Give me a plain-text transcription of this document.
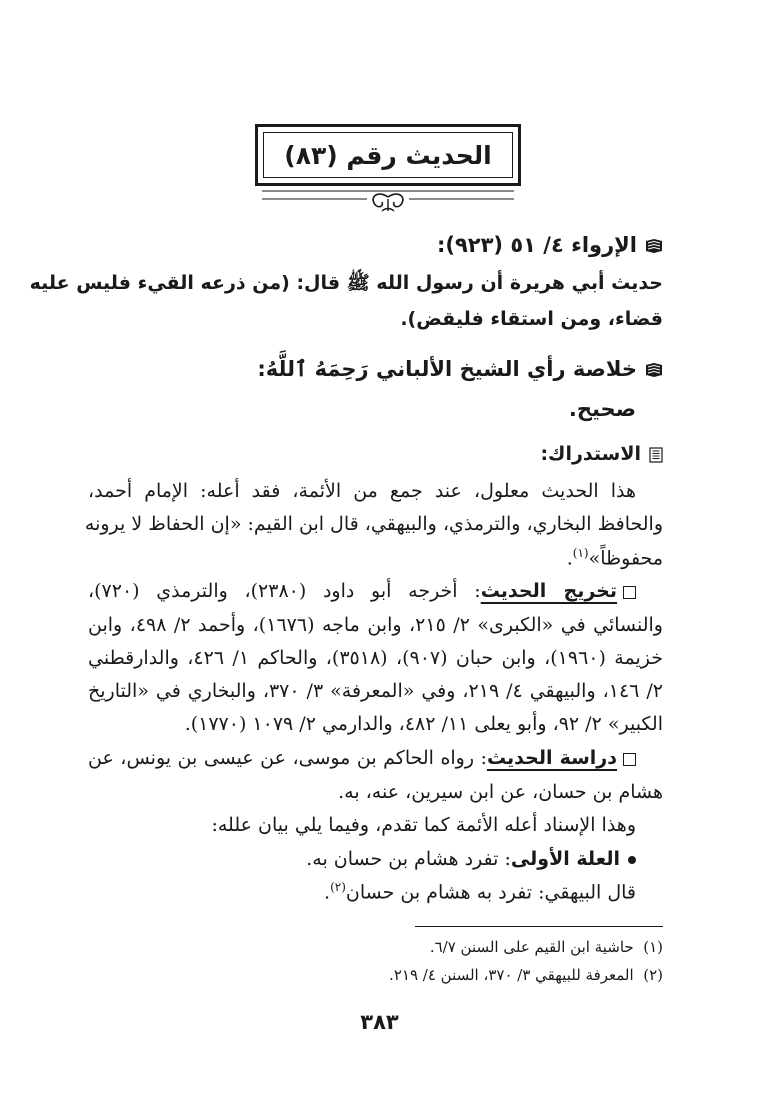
الحديث رقم (٨٣)
الإرواء ٤/ ٥١ (٩٢٣):
حديث أبي هريرة أن رسول الله ﷺ قال: (من ذرعه القيء فليس عليه
قضاء، ومن استقاء فليقض).
خلاصة رأي الشيخ الألباني رَحِمَهُ ٱللَّهُ:
صحيح.
الاستدراك:
هذا الحديث معلول، عند جمع من الأئمة، فقد أعله: الإمام أحمد،
والحافظ البخاري، والترمذي، والبيهقي، قال ابن القيم: «إن الحفاظ لا يرونه
محفوظاً»$^{(١)}$.
تخريج الحديث: أخرجه أبو داود (٢٣٨٠)، والترمذي (٧٢٠)،
والنسائي في «الكبرى» ٢/ ٢١٥، وابن ماجه (١٦٧٦)، وأحمد ٢/ ٤٩٨، وابن
خزيمة (١٩٦٠)، وابن حبان (٩٠٧)، (٣٥١٨)، والحاكم ١/ ٤٢٦، والدارقطني
٢/ ١٤٦، والبيهقي ٤/ ٢١٩، وفي «المعرفة» ٣/ ٣٧٠، والبخاري في «التاريخ
الكبير» ٢/ ٩٢، وأبو يعلى ١١/ ٤٨٢، والدارمي ٢/ ١٠٧٩ (١٧٧٠).
دراسة الحديث: رواه الحاكم بن موسى، عن عيسى بن يونس، عن
هشام بن حسان، عن ابن سيرين، عنه، به.
وهذا الإسناد أعله الأئمة كما تقدم، وفيما يلي بيان علله:
العلة الأولى: تفرد هشام بن حسان به.
قال البيهقي: تفرد به هشام بن حسان$^{(٢)}$.
(١)  حاشية ابن القيم على السنن ٦/٧.
(٢)  المعرفة للبيهقي ٣/ ٣٧٠، السنن ٤/ ٢١٩.
٣٨٣
